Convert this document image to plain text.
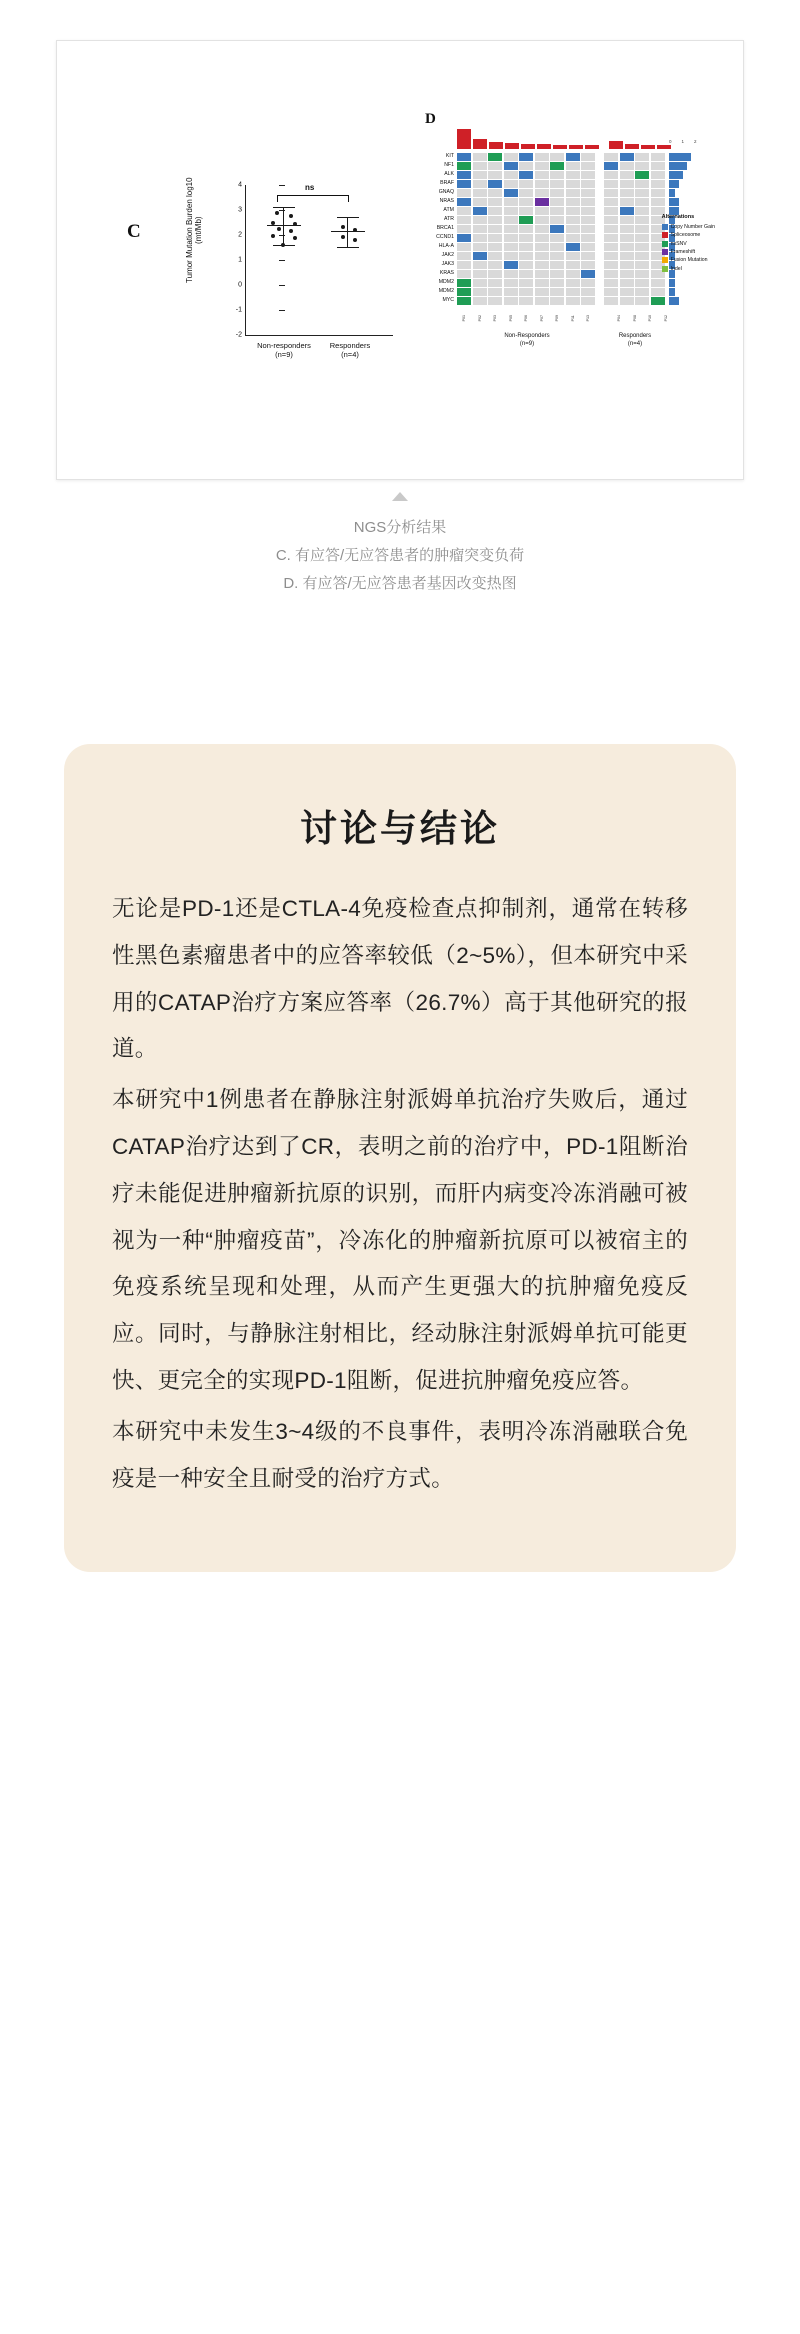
C
D
Tumor Mutation Burden log10 (mt/Mb)
4
3
2
1
0
-1
-2
ns
Non-responders
(n=9)
Responders
(n=4)
KIT
NF1
ALK
BRAF
GNAQ
NRAS
ATM
ATR
BRCA1
CCND1
HLA-A
JAK2
JAK3
KRAS
MDM2
MDM2
MYC
P01	P02	P03	P05	P06	P07	P09	P11	P13	P04	P08	P10	P12
Non-Responders
(n=9)
Responders
(n=4)
0 1 2
Alternations
Copy Number Gain
Spliceosome
nsSNV
Frameshift
Fusion Mutation
Indel
NGS分析结果
C. 有应答/无应答患者的肿瘤突变负荷
D. 有应答/无应答患者基因改变热图
讨论与结论

无论是PD-1还是CTLA-4免疫检查点抑制剂，通常在转移性黑色素瘤患者中的应答率较低（2~5%），但本研究中采用的CATAP治疗方案应答率（26.7%）高于其他研究的报道。

本研究中1例患者在静脉注射派姆单抗治疗失败后，通过CATAP治疗达到了CR，表明之前的治疗中，PD-1阻断治疗未能促进肿瘤新抗原的识别，而肝内病变冷冻消融可被视为一种“肿瘤疫苗”，冷冻化的肿瘤新抗原可以被宿主的免疫系统呈现和处理，从而产生更强大的抗肿瘤免疫反应。同时，与静脉注射相比，经动脉注射派姆单抗可能更快、更完全的实现PD-1阻断，促进抗肿瘤免疫应答。

本研究中未发生3~4级的不良事件，表明冷冻消融联合免疫是一种安全且耐受的治疗方式。
